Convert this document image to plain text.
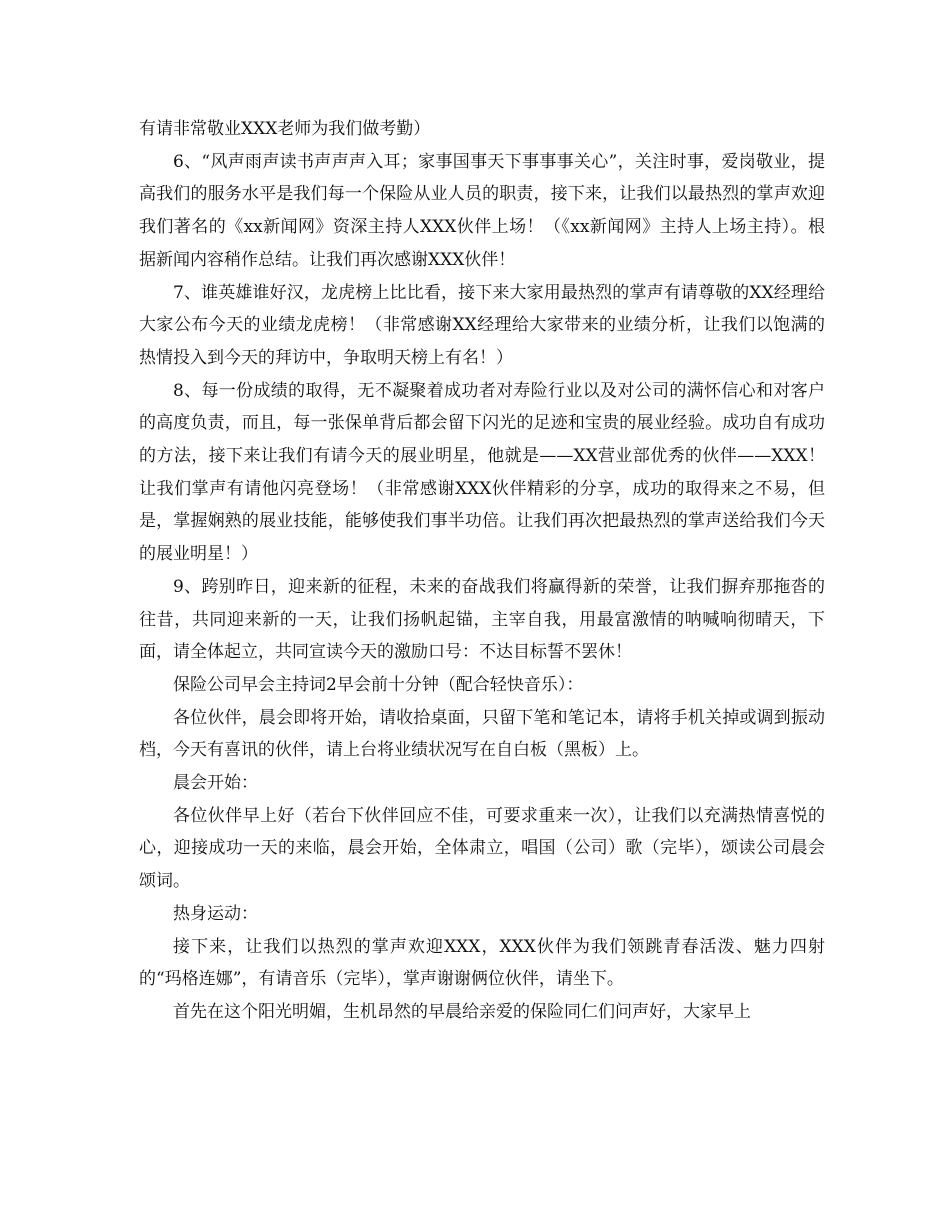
有请非常敬业XXX老师为我们做考勤）

6、“风声雨声读书声声声入耳；家事国事天下事事事关心”，关注时事，爱岗敬业，提高我们的服务水平是我们每一个保险从业人员的职责，接下来，让我们以最热烈的掌声欢迎我们著名的《xx新闻网》资深主持人XXX伙伴上场！（《xx新闻网》主持人上场主持）。根据新闻内容稍作总结。让我们再次感谢XXX伙伴！

7、谁英雄谁好汉，龙虎榜上比比看，接下来大家用最热烈的掌声有请尊敬的XX经理给大家公布今天的业绩龙虎榜！（非常感谢XX经理给大家带来的业绩分析，让我们以饱满的热情投入到今天的拜访中，争取明天榜上有名！）

8、每一份成绩的取得，无不凝聚着成功者对寿险行业以及对公司的满怀信心和对客户的高度负责，而且，每一张保单背后都会留下闪光的足迹和宝贵的展业经验。成功自有成功的方法，接下来让我们有请今天的展业明星，他就是——XX营业部优秀的伙伴——XXX！让我们掌声有请他闪亮登场！（非常感谢XXX伙伴精彩的分享，成功的取得来之不易，但是，掌握娴熟的展业技能，能够使我们事半功倍。让我们再次把最热烈的掌声送给我们今天的展业明星！）

9、跨别昨日，迎来新的征程，未来的奋战我们将赢得新的荣誉，让我们摒弃那拖沓的往昔，共同迎来新的一天，让我们扬帆起锚，主宰自我，用最富激情的呐喊响彻晴天，下面，请全体起立，共同宣读今天的激励口号：不达目标誓不罢休！

保险公司早会主持词2早会前十分钟（配合轻快音乐）：

各位伙伴，晨会即将开始，请收拾桌面，只留下笔和笔记本，请将手机关掉或调到振动档，今天有喜讯的伙伴，请上台将业绩状况写在自白板（黑板）上。

晨会开始：

各位伙伴早上好（若台下伙伴回应不佳，可要求重来一次），让我们以充满热情喜悦的心，迎接成功一天的来临，晨会开始，全体肃立，唱国（公司）歌（完毕），颂读公司晨会颂词。

热身运动：

接下来，让我们以热烈的掌声欢迎XXX，XXX伙伴为我们领跳青春活泼、魅力四射的“玛格连娜”，有请音乐（完毕），掌声谢谢俩位伙伴，请坐下。

首先在这个阳光明媚，生机昂然的早晨给亲爱的保险同仁们问声好，大家早上
